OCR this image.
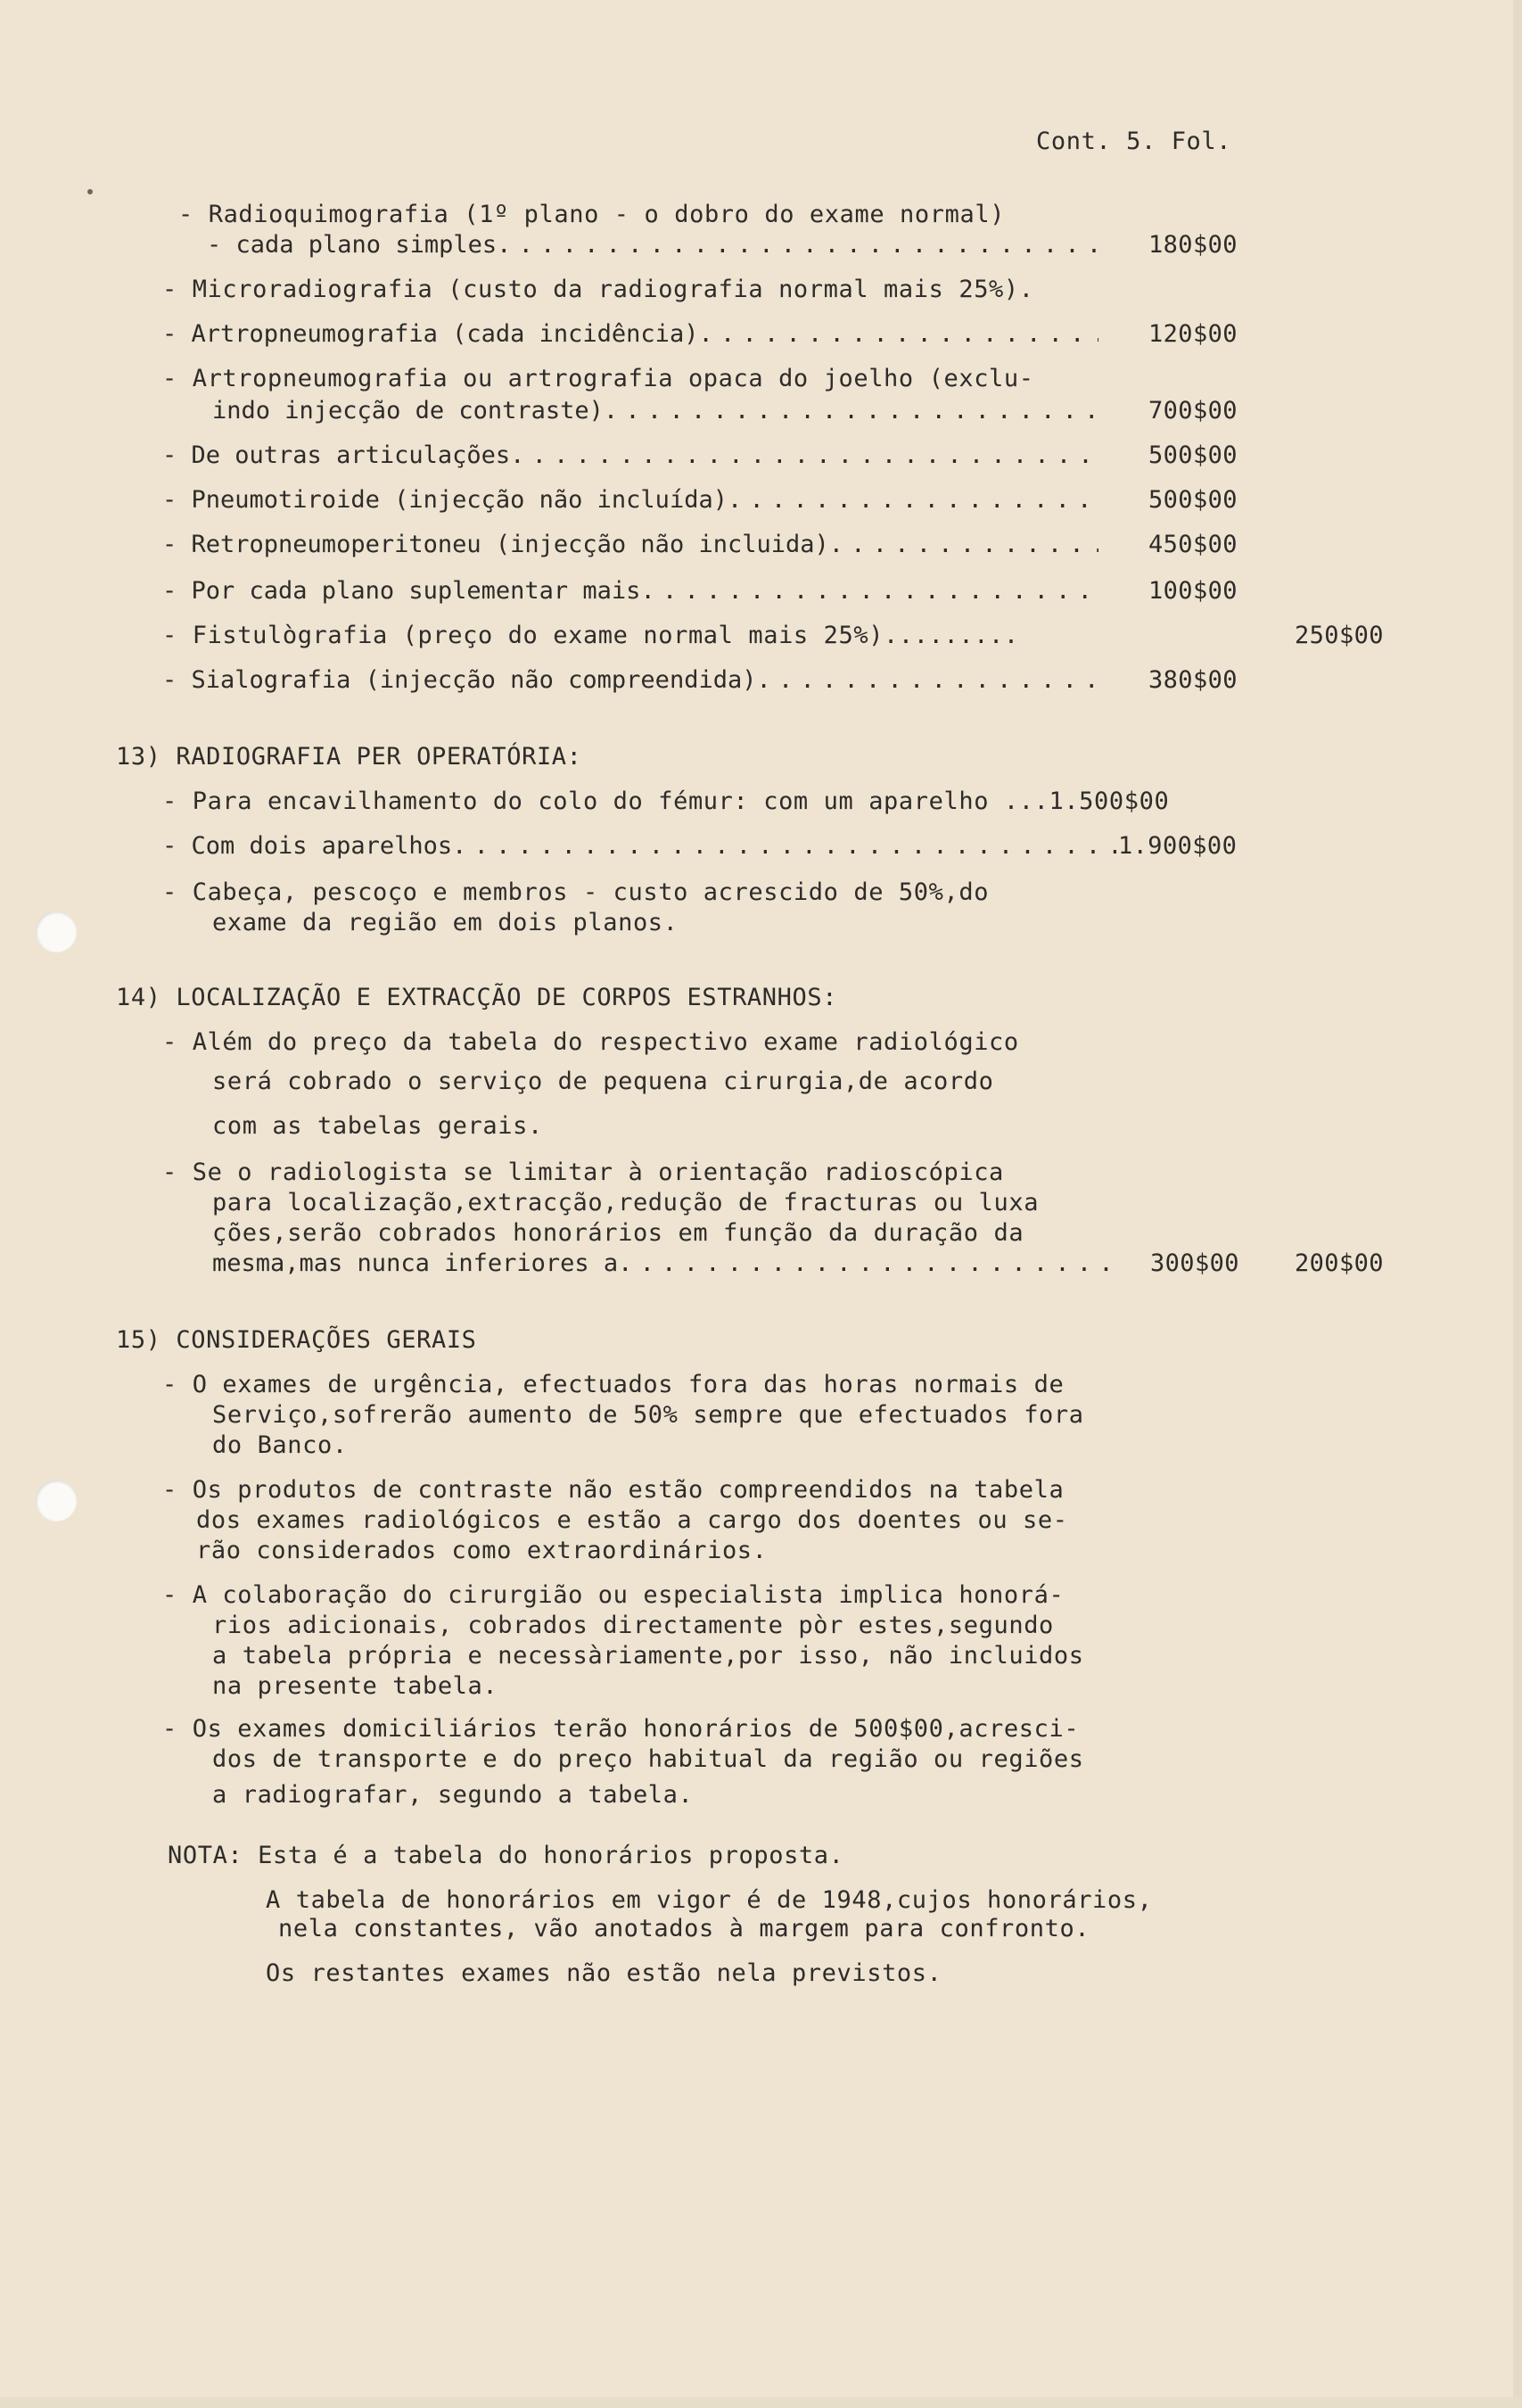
Cont. 5. Fol.
- Radioquimografia (1º plano - o dobro do exame normal)
- cada plano simples . . .	180$00
- Microradiografia (custo da radiografia normal mais 25%).
- Artropneumografia (cada incidência) . . .	120$00
- Artropneumografia ou artrografia opaca do joelho (exclu-
indo injecção de contraste) . . .	700$00
- De outras articulações . . .	500$00
- Pneumotiroide (injecção não incluída) . . .	500$00
- Retropneumoperitoneu (injecção não incluida) . . .	450$00
- Por cada plano suplementar mais . . .	100$00
- Fistulògrafia (preço do exame normal mais 25%).........	250$00
- Sialografia (injecção não compreendida) . . .	380$00
13) RADIOGRAFIA PER OPERATÓRIA:
- Para encavilhamento do colo do fémur: com um aparelho ...1.500$00
- Com dois aparelhos . . .	1.900$00
- Cabeça, pescoço e membros - custo acrescido de 50%,do
exame da região em dois planos.
14) LOCALIZAÇÃO E EXTRACÇÃO DE CORPOS ESTRANHOS:
- Além do preço da tabela do respectivo exame radiológico
será cobrado o serviço de pequena cirurgia,de acordo
com as tabelas gerais.
- Se o radiologista se limitar à orientação radioscópica
para localização,extracção,redução de fracturas ou luxa
ções,serão cobrados honorários em função da duração da
mesma,mas nunca inferiores a . . .	300$00 200$00
15) CONSIDERAÇÕES GERAIS
- O exames de urgência, efectuados fora das horas normais de
Serviço,sofrerão aumento de 50% sempre que efectuados fora
do Banco.
- Os produtos de contraste não estão compreendidos na tabela
dos exames radiológicos e estão a cargo dos doentes ou se-
rão considerados como extraordinários.
- A colaboração do cirurgião ou especialista implica honorá-
rios adicionais, cobrados directamente pòr estes,segundo
a tabela própria e necessàriamente,por isso, não incluidos
na presente tabela.
- Os exames domiciliários terão honorários de 500$00,acresci-
dos de transporte e do preço habitual da região ou regiões
a radiografar, segundo a tabela.
NOTA: Esta é a tabela do honorários proposta.
A tabela de honorários em vigor é de 1948,cujos honorários,
nela constantes, vão anotados à margem para confronto.
Os restantes exames não estão nela previstos.
